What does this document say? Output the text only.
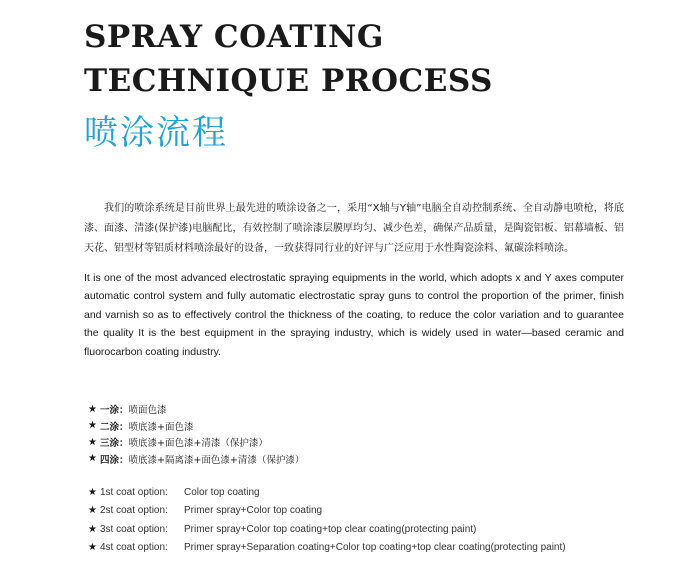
SPRAY COATING
TECHNIQUE PROCESS
喷涂流程

我们的喷涂系统是目前世界上最先进的喷涂设备之一，采用“X轴与Y轴”电脑全自动控制系统、全自动静电喷枪，将底漆、面漆、清漆(保护漆)电脑配比，有效控制了喷涂漆层膜厚均匀、减少色差，确保产品质量，是陶瓷铝板、铝幕墙板、铝天花、铝型材等铝质材料喷涂最好的设备，一致获得同行业的好评与广泛应用于水性陶瓷涂料、氟碳涂料喷涂。

It is one of the most advanced electrostatic spraying equipments in the world, which adopts x and Y axes computer automatic control system and fully automatic electrostatic spray guns to control the proportion of the primer, finish and varnish so as to effectively control the thickness of the coating, to reduce the color variation and to guarantee the quality It is the best equipment in the spraying industry, which is widely used in water—based ceramic and fluorocarbon coating industry.

★ 一涂： 喷面色漆
★ 二涂： 喷底漆+面色漆
★ 三涂： 喷底漆+面色漆+清漆（保护漆）
★ 四涂： 喷底漆+隔离漆+面色漆+清漆（保护漆）
★ 1st coat option:	Color top coating
★ 2st coat option:	Primer spray+Color top coating
★ 3st coat option:	Primer spray+Color top coating+top clear coating(protecting paint)
★ 4st coat option:	Primer spray+Separation coating+Color top coating+top clear coating(protecting paint)
